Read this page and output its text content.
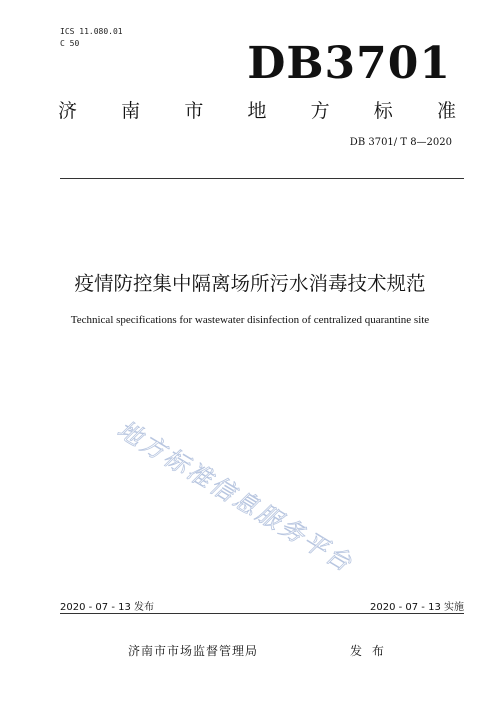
ICS 11.080.01
C 50	DB3701
济 南 市 地 方 标 准
DB 3701/ T 8—2020
疫情防控集中隔离场所污水消毒技术规范
Technical specifications for wastewater disinfection of centralized quarantine site
地方标准信息服务平台
2020 - 07 - 13 发布	2020 - 07 - 13 实施
济南市市场监督管理局	发 布
